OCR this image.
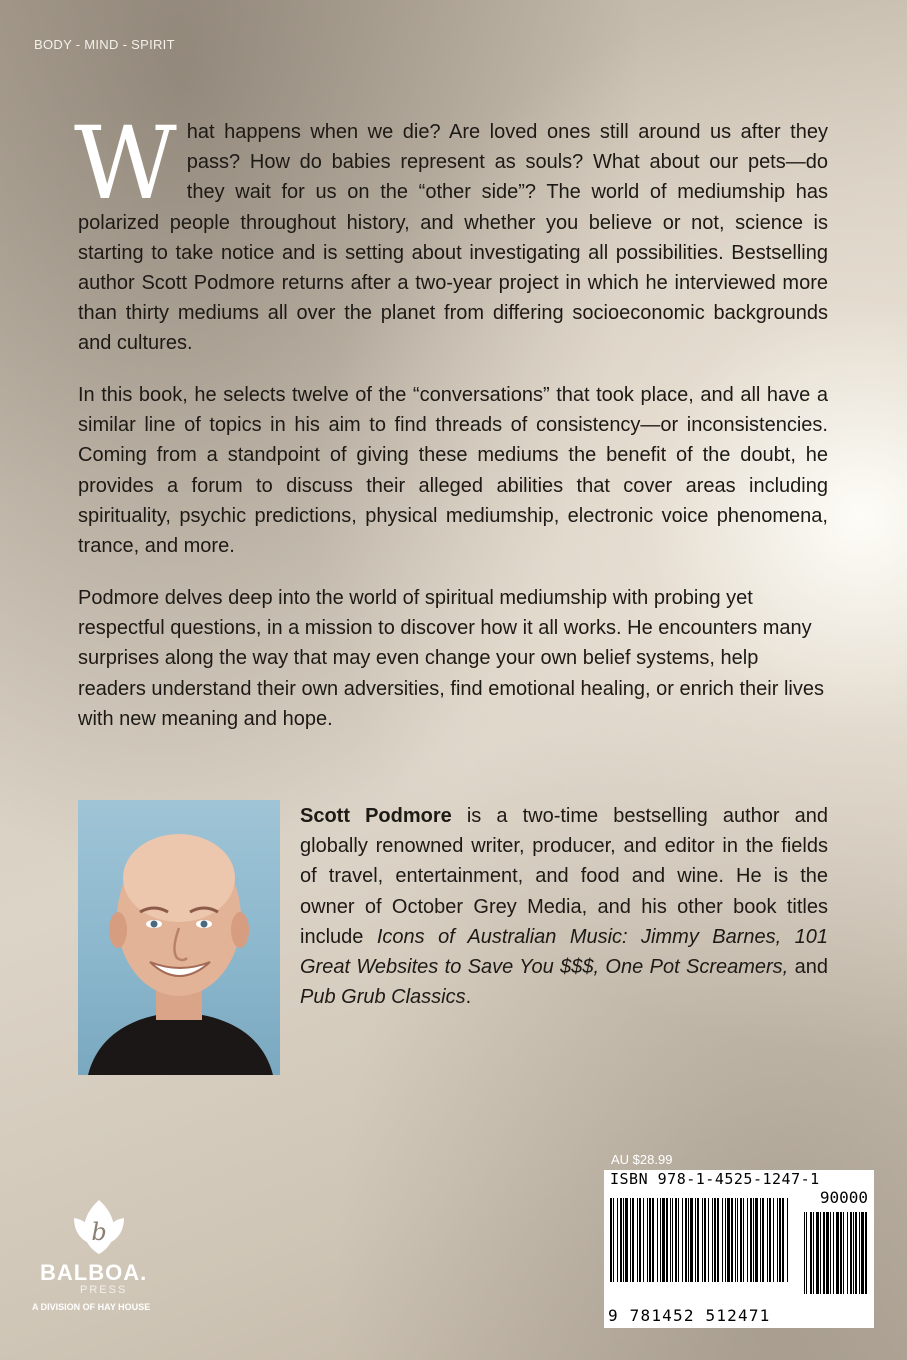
BODY - MIND - SPIRIT

What happens when we die? Are loved ones still around us after they pass? How do babies represent as souls? What about our pets—do they wait for us on the “other side”? The world of mediumship has polarized people throughout history, and whether you believe or not, science is starting to take notice and is setting about investigating all possibilities. Bestselling author Scott Podmore returns after a two-year project in which he interviewed more than thirty mediums all over the planet from differing socioeconomic backgrounds and cultures.

In this book, he selects twelve of the “conversations” that took place, and all have a similar line of topics in his aim to find threads of consistency—or inconsistencies. Coming from a standpoint of giving these mediums the benefit of the doubt, he provides a forum to discuss their alleged abilities that cover areas including spirituality, psychic predictions, physical mediumship, electronic voice phenomena, trance, and more.

Podmore delves deep into the world of spiritual mediumship with probing yet respectful questions, in a mission to discover how it all works. He encounters many surprises along the way that may even change your own belief systems, help readers understand their own adversities, find emotional healing, or enrich their lives with new meaning and hope.

Scott Podmore is a two-time bestselling author and globally renowned writer, producer, and editor in the fields of travel, entertainment, and food and wine. He is the owner of October Grey Media, and his other book titles include Icons of Australian Music: Jimmy Barnes, 101 Great Websites to Save You $$$, One Pot Screamers, and Pub Grub Classics.

b
BALBOA.
PRESS
A DIVISION OF HAY HOUSE
AU $28.99
ISBN 978-1-4525-1247-1
90000
9 781452 512471
